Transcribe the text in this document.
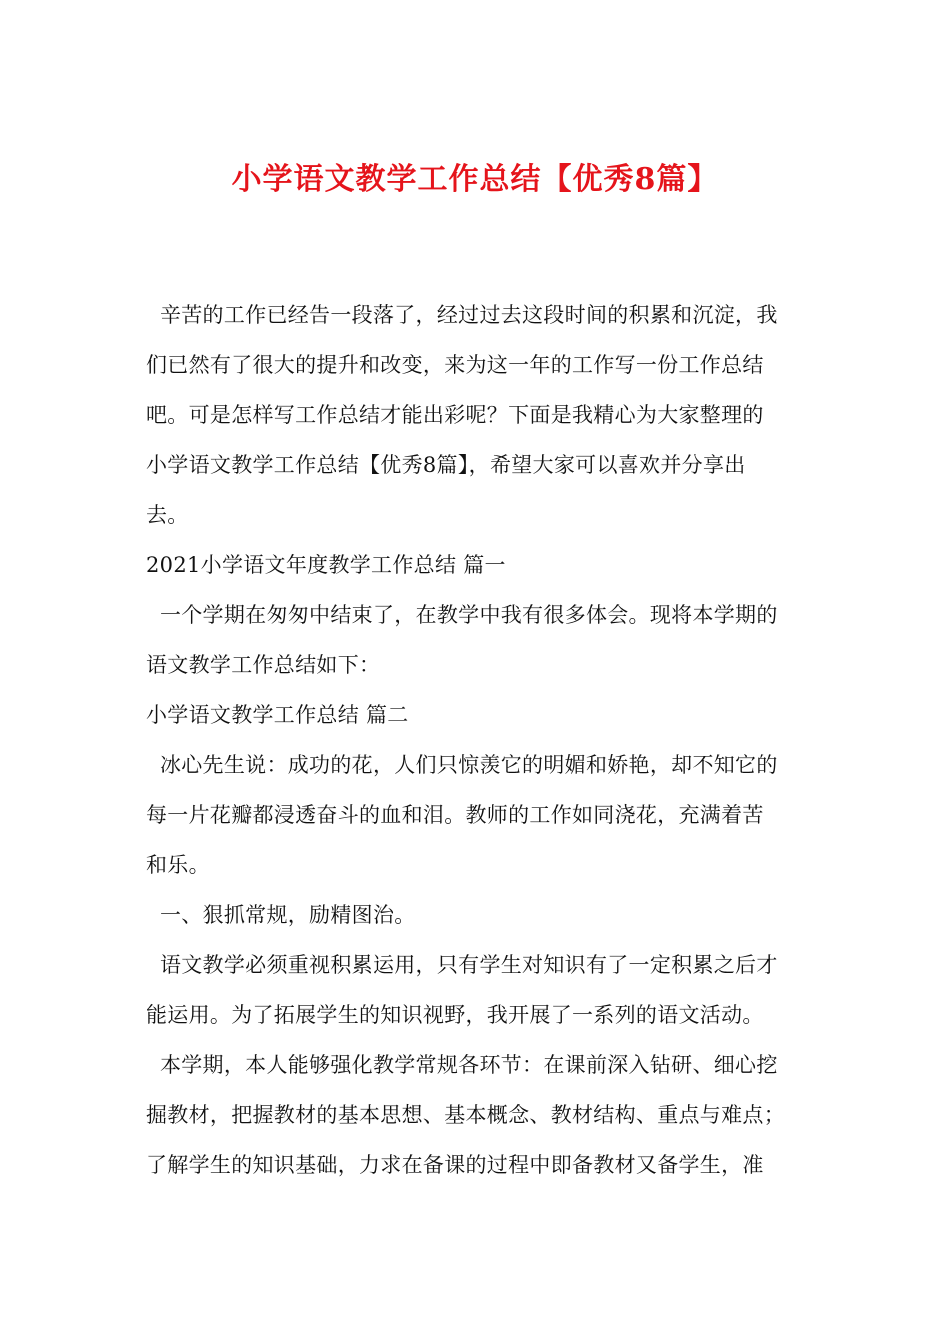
小学语文教学工作总结【优秀8篇】
辛苦的工作已经告一段落了，经过过去这段时间的积累和沉淀，我
们已然有了很大的提升和改变，来为这一年的工作写一份工作总结
吧。可是怎样写工作总结才能出彩呢？下面是我精心为大家整理的
小学语文教学工作总结【优秀8篇】，希望大家可以喜欢并分享出
去。
2021小学语文年度教学工作总结 篇一
一个学期在匆匆中结束了，在教学中我有很多体会。现将本学期的
语文教学工作总结如下：
小学语文教学工作总结 篇二
冰心先生说：成功的花，人们只惊羡它的明媚和娇艳，却不知它的
每一片花瓣都浸透奋斗的血和泪。教师的工作如同浇花，充满着苦
和乐。
一、狠抓常规，励精图治。
语文教学必须重视积累运用，只有学生对知识有了一定积累之后才
能运用。为了拓展学生的知识视野，我开展了一系列的语文活动。
本学期，本人能够强化教学常规各环节：在课前深入钻研、细心挖
掘教材，把握教材的基本思想、基本概念、教材结构、重点与难点；
了解学生的知识基础，力求在备课的过程中即备教材又备学生，准
